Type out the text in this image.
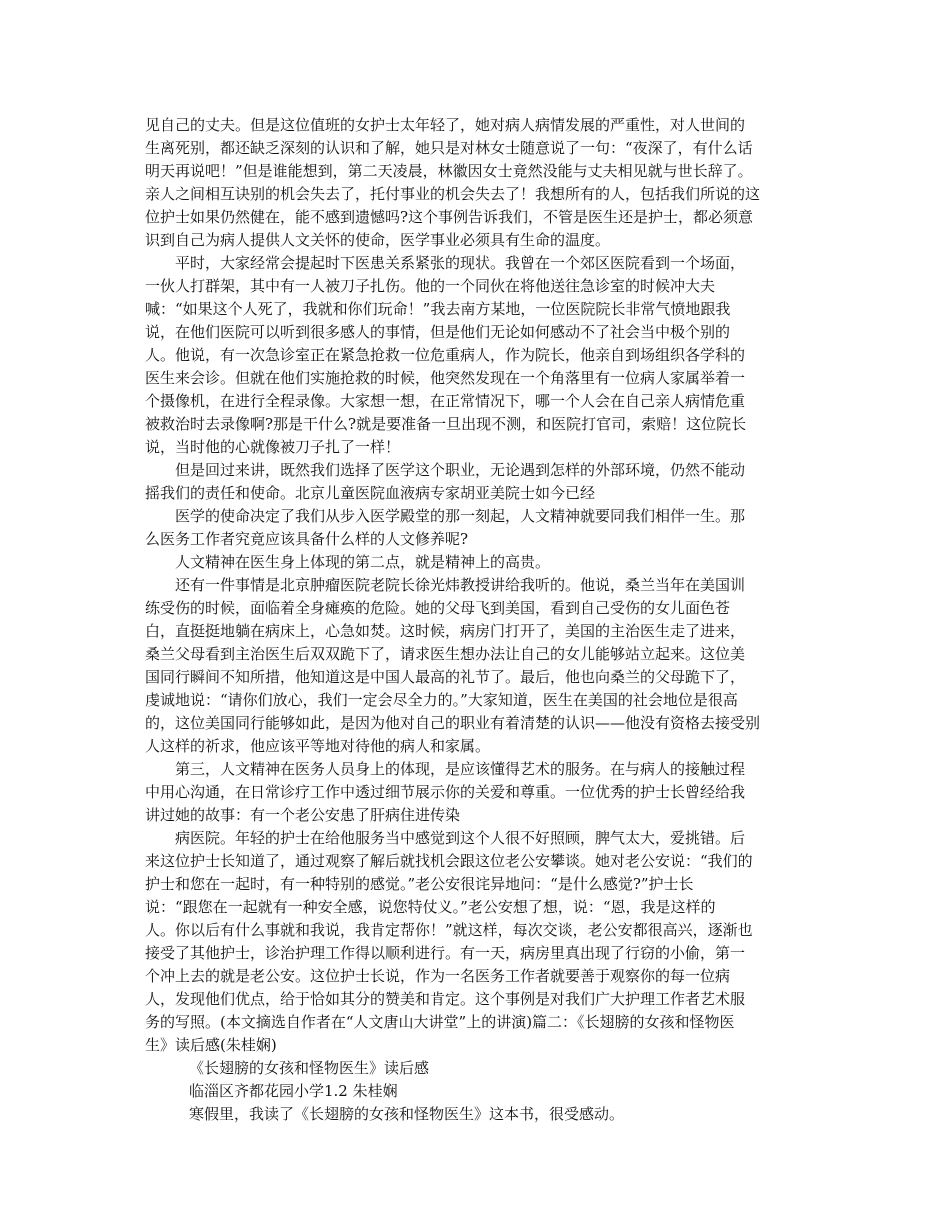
见自己的丈夫。但是这位值班的女护士太年轻了，她对病人病情发展的严重性，对人世间的
生离死别，都还缺乏深刻的认识和了解，她只是对林女士随意说了一句：“夜深了，有什么话
明天再说吧！”但是谁能想到，第二天凌晨，林徽因女士竟然没能与丈夫相见就与世长辞了。
亲人之间相互诀别的机会失去了，托付事业的机会失去了！我想所有的人，包括我们所说的这
位护士如果仍然健在，能不感到遗憾吗?这个事例告诉我们，不管是医生还是护士，都必须意
识到自己为病人提供人文关怀的使命，医学事业必须具有生命的温度。
平时，大家经常会提起时下医患关系紧张的现状。我曾在一个郊区医院看到一个场面，
一伙人打群架，其中有一人被刀子扎伤。他的一个同伙在将他送往急诊室的时候冲大夫
喊：“如果这个人死了，我就和你们玩命！”我去南方某地，一位医院院长非常气愤地跟我
说，在他们医院可以听到很多感人的事情，但是他们无论如何感动不了社会当中极个别的
人。他说，有一次急诊室正在紧急抢救一位危重病人，作为院长，他亲自到场组织各学科的
医生来会诊。但就在他们实施抢救的时候，他突然发现在一个角落里有一位病人家属举着一
个摄像机，在进行全程录像。大家想一想，在正常情况下，哪一个人会在自己亲人病情危重
被救治时去录像啊?那是干什么?就是要准备一旦出现不测，和医院打官司，索赔！这位院长
说，当时他的心就像被刀子扎了一样！
但是回过来讲，既然我们选择了医学这个职业，无论遇到怎样的外部环境，仍然不能动
摇我们的责任和使命。北京儿童医院血液病专家胡亚美院士如今已经
医学的使命决定了我们从步入医学殿堂的那一刻起，人文精神就要同我们相伴一生。那
么医务工作者究竟应该具备什么样的人文修养呢?
人文精神在医生身上体现的第二点，就是精神上的高贵。
还有一件事情是北京肿瘤医院老院长徐光炜教授讲给我听的。他说，桑兰当年在美国训
练受伤的时候，面临着全身瘫痪的危险。她的父母飞到美国，看到自己受伤的女儿面色苍
白，直挺挺地躺在病床上，心急如焚。这时候，病房门打开了，美国的主治医生走了进来，
桑兰父母看到主治医生后双双跪下了，请求医生想办法让自己的女儿能够站立起来。这位美
国同行瞬间不知所措，他知道这是中国人最高的礼节了。最后，他也向桑兰的父母跪下了，
虔诚地说：“请你们放心，我们一定会尽全力的。”大家知道，医生在美国的社会地位是很高
的，这位美国同行能够如此，是因为他对自己的职业有着清楚的认识——他没有资格去接受别
人这样的祈求，他应该平等地对待他的病人和家属。
第三，人文精神在医务人员身上的体现，是应该懂得艺术的服务。在与病人的接触过程
中用心沟通，在日常诊疗工作中透过细节展示你的关爱和尊重。一位优秀的护士长曾经给我
讲过她的故事：有一个老公安患了肝病住进传染
病医院。年轻的护士在给他服务当中感觉到这个人很不好照顾，脾气太大，爱挑错。后
来这位护士长知道了，通过观察了解后就找机会跟这位老公安攀谈。她对老公安说：“我们的
护士和您在一起时，有一种特别的感觉。”老公安很诧异地问：“是什么感觉?”护士长
说：“跟您在一起就有一种安全感，说您特仗义。”老公安想了想，说：“恩，我是这样的
人。你以后有什么事就和我说，我肯定帮你！”就这样，每次交谈，老公安都很高兴，逐渐也
接受了其他护士，诊治护理工作得以顺利进行。有一天，病房里真出现了行窃的小偷，第一
个冲上去的就是老公安。这位护士长说，作为一名医务工作者就要善于观察你的每一位病
人，发现他们优点，给于恰如其分的赞美和肯定。这个事例是对我们广大护理工作者艺术服
务的写照。(本文摘选自作者在“人文唐山大讲堂”上的讲演)篇二：《长翅膀的女孩和怪物医
生》读后感(朱桂娴)
《长翅膀的女孩和怪物医生》读后感
临淄区齐都花园小学1.2 朱桂娴
寒假里，我读了《长翅膀的女孩和怪物医生》这本书，很受感动。
